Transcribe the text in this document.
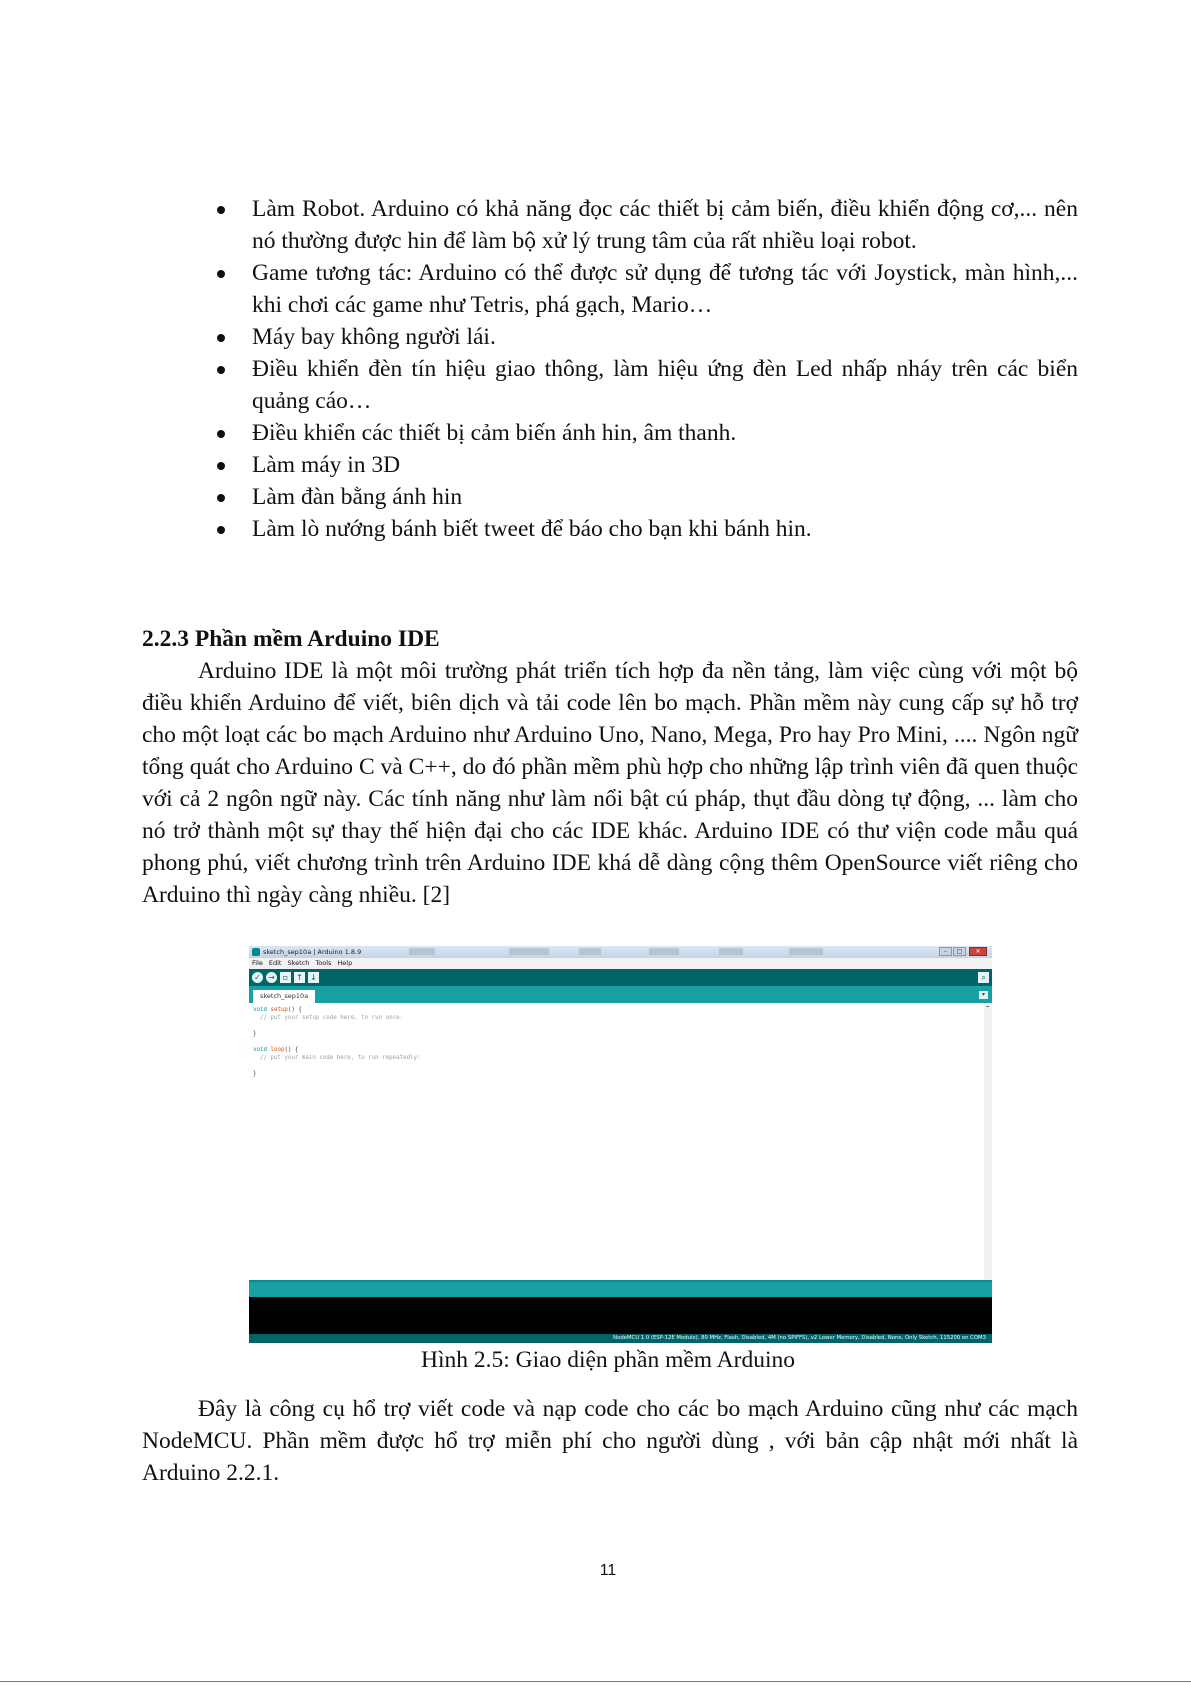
Làm Robot. Arduino có khả năng đọc các thiết bị cảm biến, điều khiển động cơ,... nên nó thường được hin để làm bộ xử lý trung tâm của rất nhiều loại robot.
Game tương tác: Arduino có thể được sử dụng để tương tác với Joystick, màn hình,... khi chơi các game như Tetris, phá gạch, Mario…
Máy bay không người lái.
Điều khiển đèn tín hiệu giao thông, làm hiệu ứng đèn Led nhấp nháy trên các biển quảng cáo…
Điều khiển các thiết bị cảm biến ánh hin, âm thanh.
Làm máy in 3D
Làm đàn bằng ánh hin
Làm lò nướng bánh biết tweet để báo cho bạn khi bánh hin.
2.2.3 Phần mềm Arduino IDE

Arduino IDE là một môi trường phát triển tích hợp đa nền tảng, làm việc cùng với một bộ điều khiển Arduino để viết, biên dịch và tải code lên bo mạch. Phần mềm này cung cấp sự hỗ trợ cho một loạt các bo mạch Arduino như Arduino Uno, Nano, Mega, Pro hay Pro Mini, .... Ngôn ngữ tổng quát cho Arduino C và C++, do đó phần mềm phù hợp cho những lập trình viên đã quen thuộc với cả 2 ngôn ngữ này. Các tính năng như làm nổi bật cú pháp, thụt đầu dòng tự động, ... làm cho nó trở thành một sự thay thế hiện đại cho các IDE khác. Arduino IDE có thư viện code mẫu quá phong phú, viết chương trình trên Arduino IDE khá dễ dàng cộng thêm OpenSource viết riêng cho Arduino thì ngày càng nhiều. [2]

sketch_sep10a | Arduino 1.8.9	–	□	✕
File Edit Sketch Tools Help
✓ → ▫ ↑ ↓	⌕
sketch_sep10a	▾
void setup() {
// put your setup code here, to run once:

}

void loop() {
// put your main code here, to run repeatedly:

}
NodeMCU 1.0 (ESP-12E Module), 80 MHz, Flash, Disabled, 4M (no SPIFFS), v2 Lower Memory, Disabled, None, Only Sketch, 115200 on COM3

Hình 2.5: Giao diện phần mềm Arduino

Đây là công cụ hổ trợ viết code và nạp code cho các bo mạch Arduino cũng như các mạch NodeMCU. Phần mềm được hổ trợ miễn phí cho người dùng , với bản cập nhật mới nhất là Arduino 2.2.1.

11
